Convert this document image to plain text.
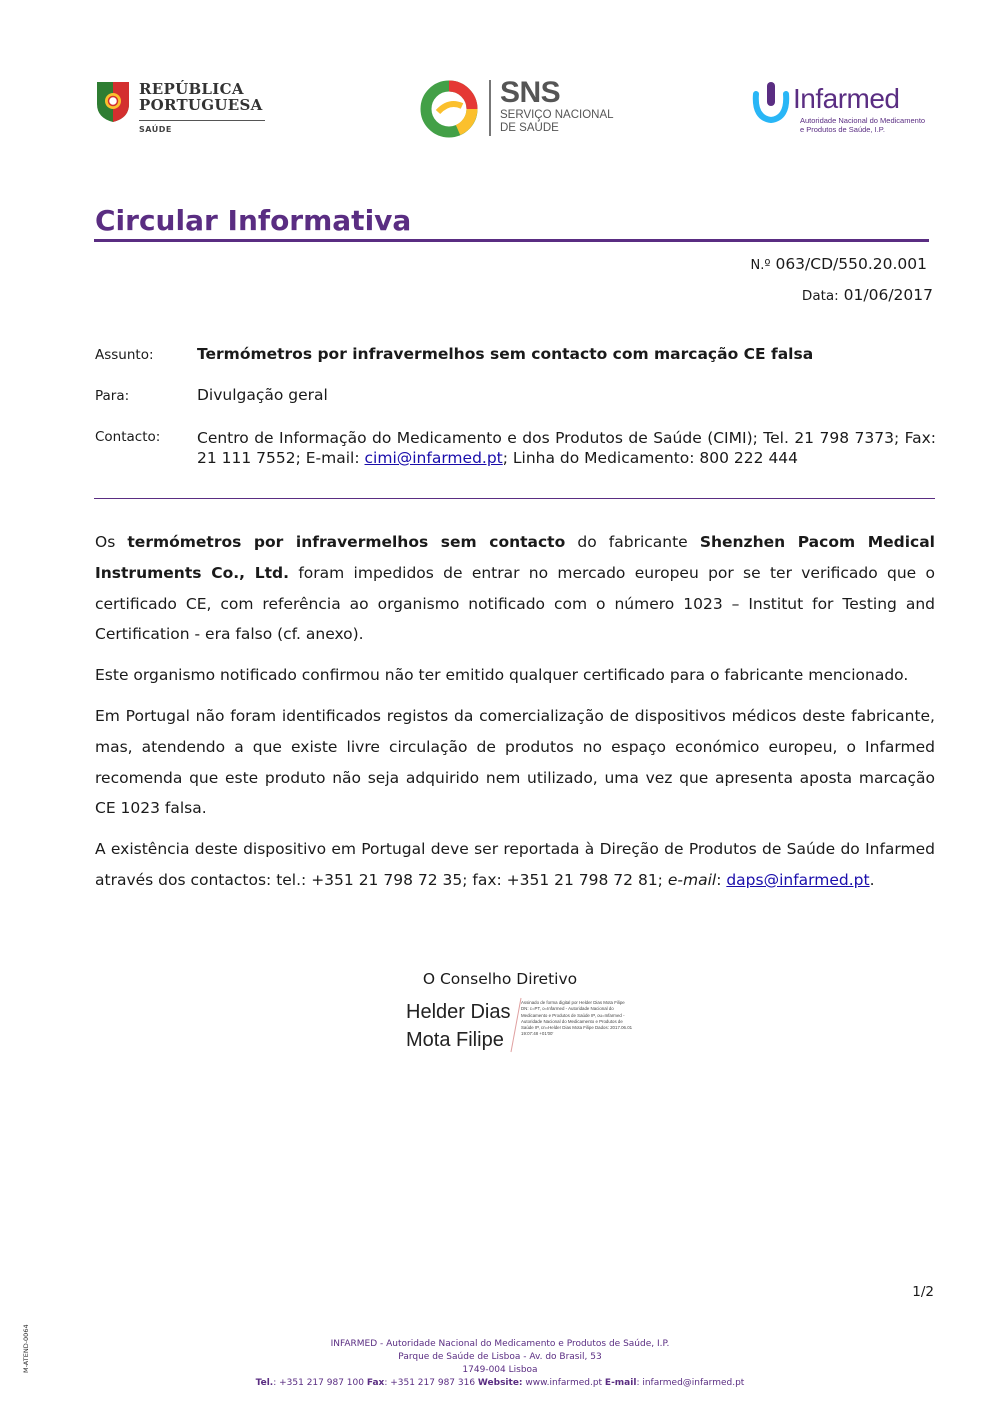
REPÚBLICA
PORTUGUESA
SAÚDE
SNS
SERVIÇO NACIONAL
DE SAÚDE
Infarmed
Autoridade Nacional do Medicamento
e Produtos de Saúde, I.P.
Circular Informativa
N.º 063/CD/550.20.001
Data: 01/06/2017
Assunto:	Termómetros por infravermelhos sem contacto com marcação CE falsa
Para:	Divulgação geral
Contacto: Centro de Informação do Medicamento e dos Produtos de Saúde (CIMI); Tel. 21 798 7373; Fax: 21 111 7552; E-mail: cimi@infarmed.pt; Linha do Medicamento: 800 222 444

Os termómetros por infravermelhos sem contacto do fabricante Shenzhen Pacom Medical Instruments Co., Ltd. foram impedidos de entrar no mercado europeu por se ter verificado que o certificado CE, com referência ao organismo notificado com o número 1023 – Institut for Testing and Certification - era falso (cf. anexo).

Este organismo notificado confirmou não ter emitido qualquer certificado para o fabricante mencionado.

Em Portugal não foram identificados registos da comercialização de dispositivos médicos deste fabricante, mas, atendendo a que existe livre circulação de produtos no espaço económico europeu, o Infarmed recomenda que este produto não seja adquirido nem utilizado, uma vez que apresenta aposta marcação CE 1023 falsa.

A existência deste dispositivo em Portugal deve ser reportada à Direção de Produtos de Saúde do Infarmed através dos contactos: tel.: +351 21 798 72 35; fax: +351 21 798 72 81; e-mail: daps@infarmed.pt.

O Conselho Diretivo
Helder Dias
Mota Filipe
Assinado de forma digital por Helder Dias Mota Filipe DN: c=PT, o=Infarmed - Autoridade Nacional do Medicamento e Produtos de Saúde IP, ou=Infarmed - Autoridade Nacional do Medicamento e Produtos de Saúde IP, cn=Helder Dias Mota Filipe Dados: 2017.06.01 19:07:48 +01'00'
1/2
M-ATEND-0064	INFARMED - Autoridade Nacional do Medicamento e Produtos de Saúde, I.P.
Parque de Saúde de Lisboa - Av. do Brasil, 53
1749-004 Lisboa
Tel.: +351 217 987 100 Fax: +351 217 987 316 Website: www.infarmed.pt E-mail: infarmed@infarmed.pt
